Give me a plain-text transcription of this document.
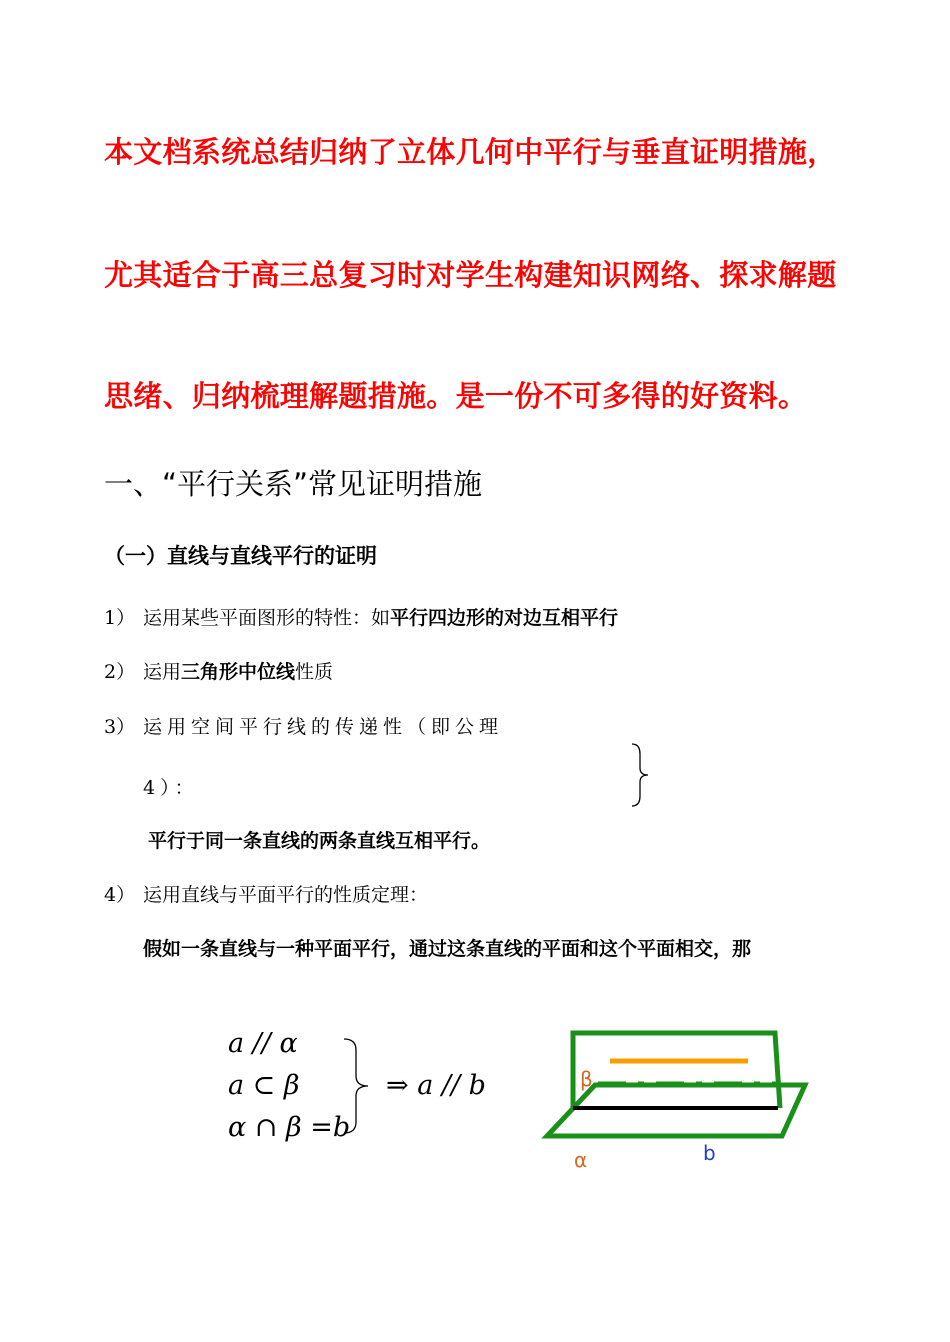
本文档系统总结归纳了立体几何中平行与垂直证明措施，
尤其适合于高三总复习时对学生构建知识网络、探求解题
思绪、归纳梳理解题措施。是一份不可多得的好资料。
一、“平行关系”常见证明措施
（一）直线与直线平行的证明
1） 运用某些平面图形的特性：如平行四边形的对边互相平行
2） 运用三角形中位线性质
3） 运用空间平行线的传递性（即公理
4）：
平行于同一条直线的两条直线互相平行。
4） 运用直线与平面平行的性质定理：
假如一条直线与一种平面平行，通过这条直线的平面和这个平面相交，那
a // α
a ⊂ β
α ∩ β =b
⇒ a // b	β
α	b
